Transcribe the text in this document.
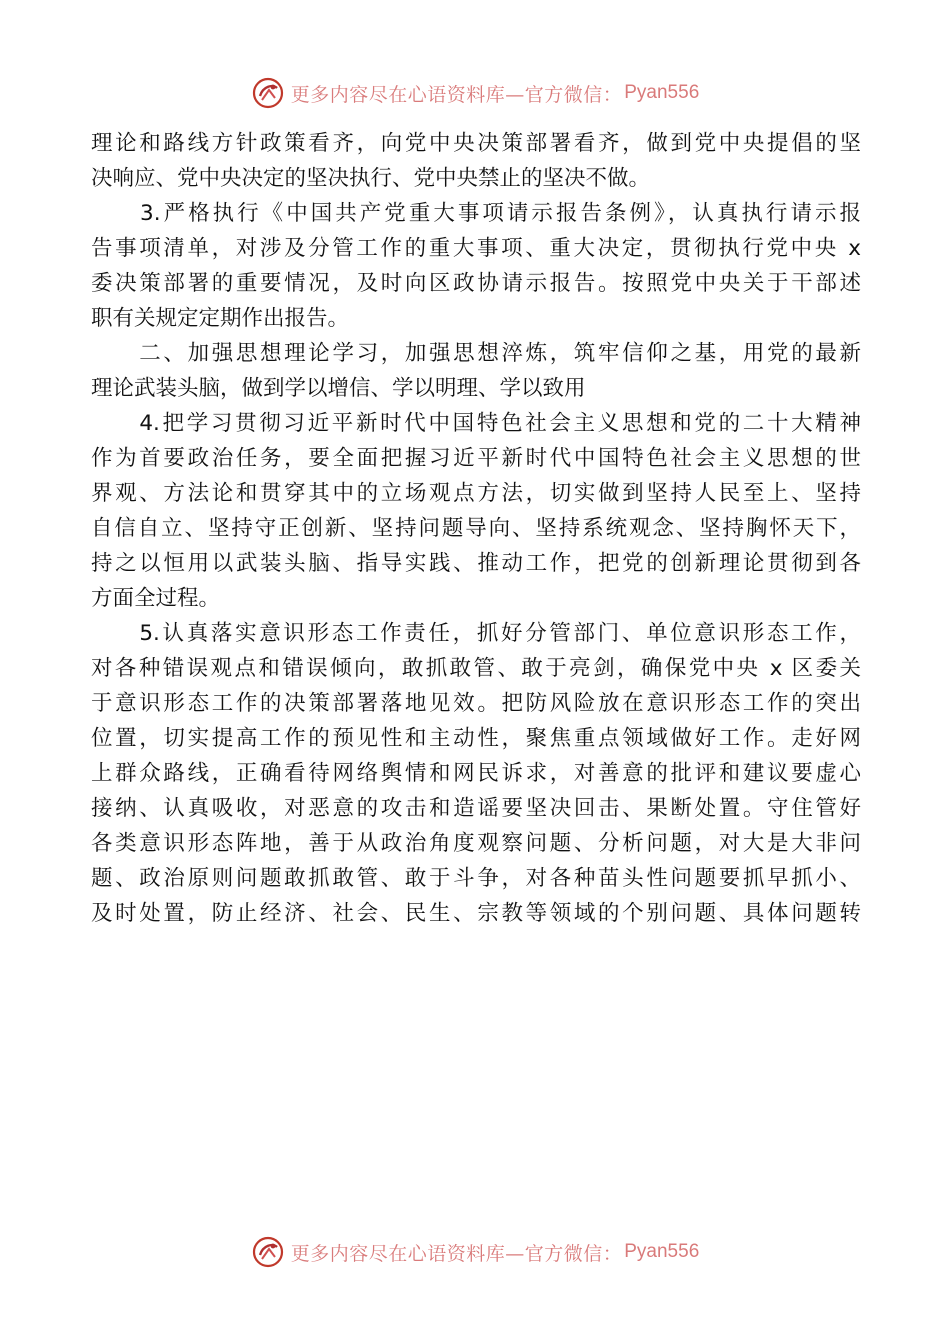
更多内容尽在心语资料库—官方微信： Pyan556
理论和路线方针政策看齐，向党中央决策部署看齐，做到党中央提倡的坚
决响应、党中央决定的坚决执行、党中央禁止的坚决不做。
　　3.严格执行《中国共产党重大事项请示报告条例》，认真执行请示报
告事项清单，对涉及分管工作的重大事项、重大决定，贯彻执行党中央 x
委决策部署的重要情况，及时向区政协请示报告。按照党中央关于干部述
职有关规定定期作出报告。
　　二、加强思想理论学习，加强思想淬炼，筑牢信仰之基，用党的最新
理论武装头脑，做到学以增信、学以明理、学以致用
　　4.把学习贯彻习近平新时代中国特色社会主义思想和党的二十大精神
作为首要政治任务，要全面把握习近平新时代中国特色社会主义思想的世
界观、方法论和贯穿其中的立场观点方法，切实做到坚持人民至上、坚持
自信自立、坚持守正创新、坚持问题导向、坚持系统观念、坚持胸怀天下，
持之以恒用以武装头脑、指导实践、推动工作，把党的创新理论贯彻到各
方面全过程。
　　5.认真落实意识形态工作责任，抓好分管部门、单位意识形态工作，
对各种错误观点和错误倾向，敢抓敢管、敢于亮剑，确保党中央 x 区委关
于意识形态工作的决策部署落地见效。把防风险放在意识形态工作的突出
位置，切实提高工作的预见性和主动性，聚焦重点领域做好工作。走好网
上群众路线，正确看待网络舆情和网民诉求，对善意的批评和建议要虚心
接纳、认真吸收，对恶意的攻击和造谣要坚决回击、果断处置。守住管好
各类意识形态阵地，善于从政治角度观察问题、分析问题，对大是大非问
题、政治原则问题敢抓敢管、敢于斗争，对各种苗头性问题要抓早抓小、
及时处置，防止经济、社会、民生、宗教等领域的个别问题、具体问题转
更多内容尽在心语资料库—官方微信： Pyan556
